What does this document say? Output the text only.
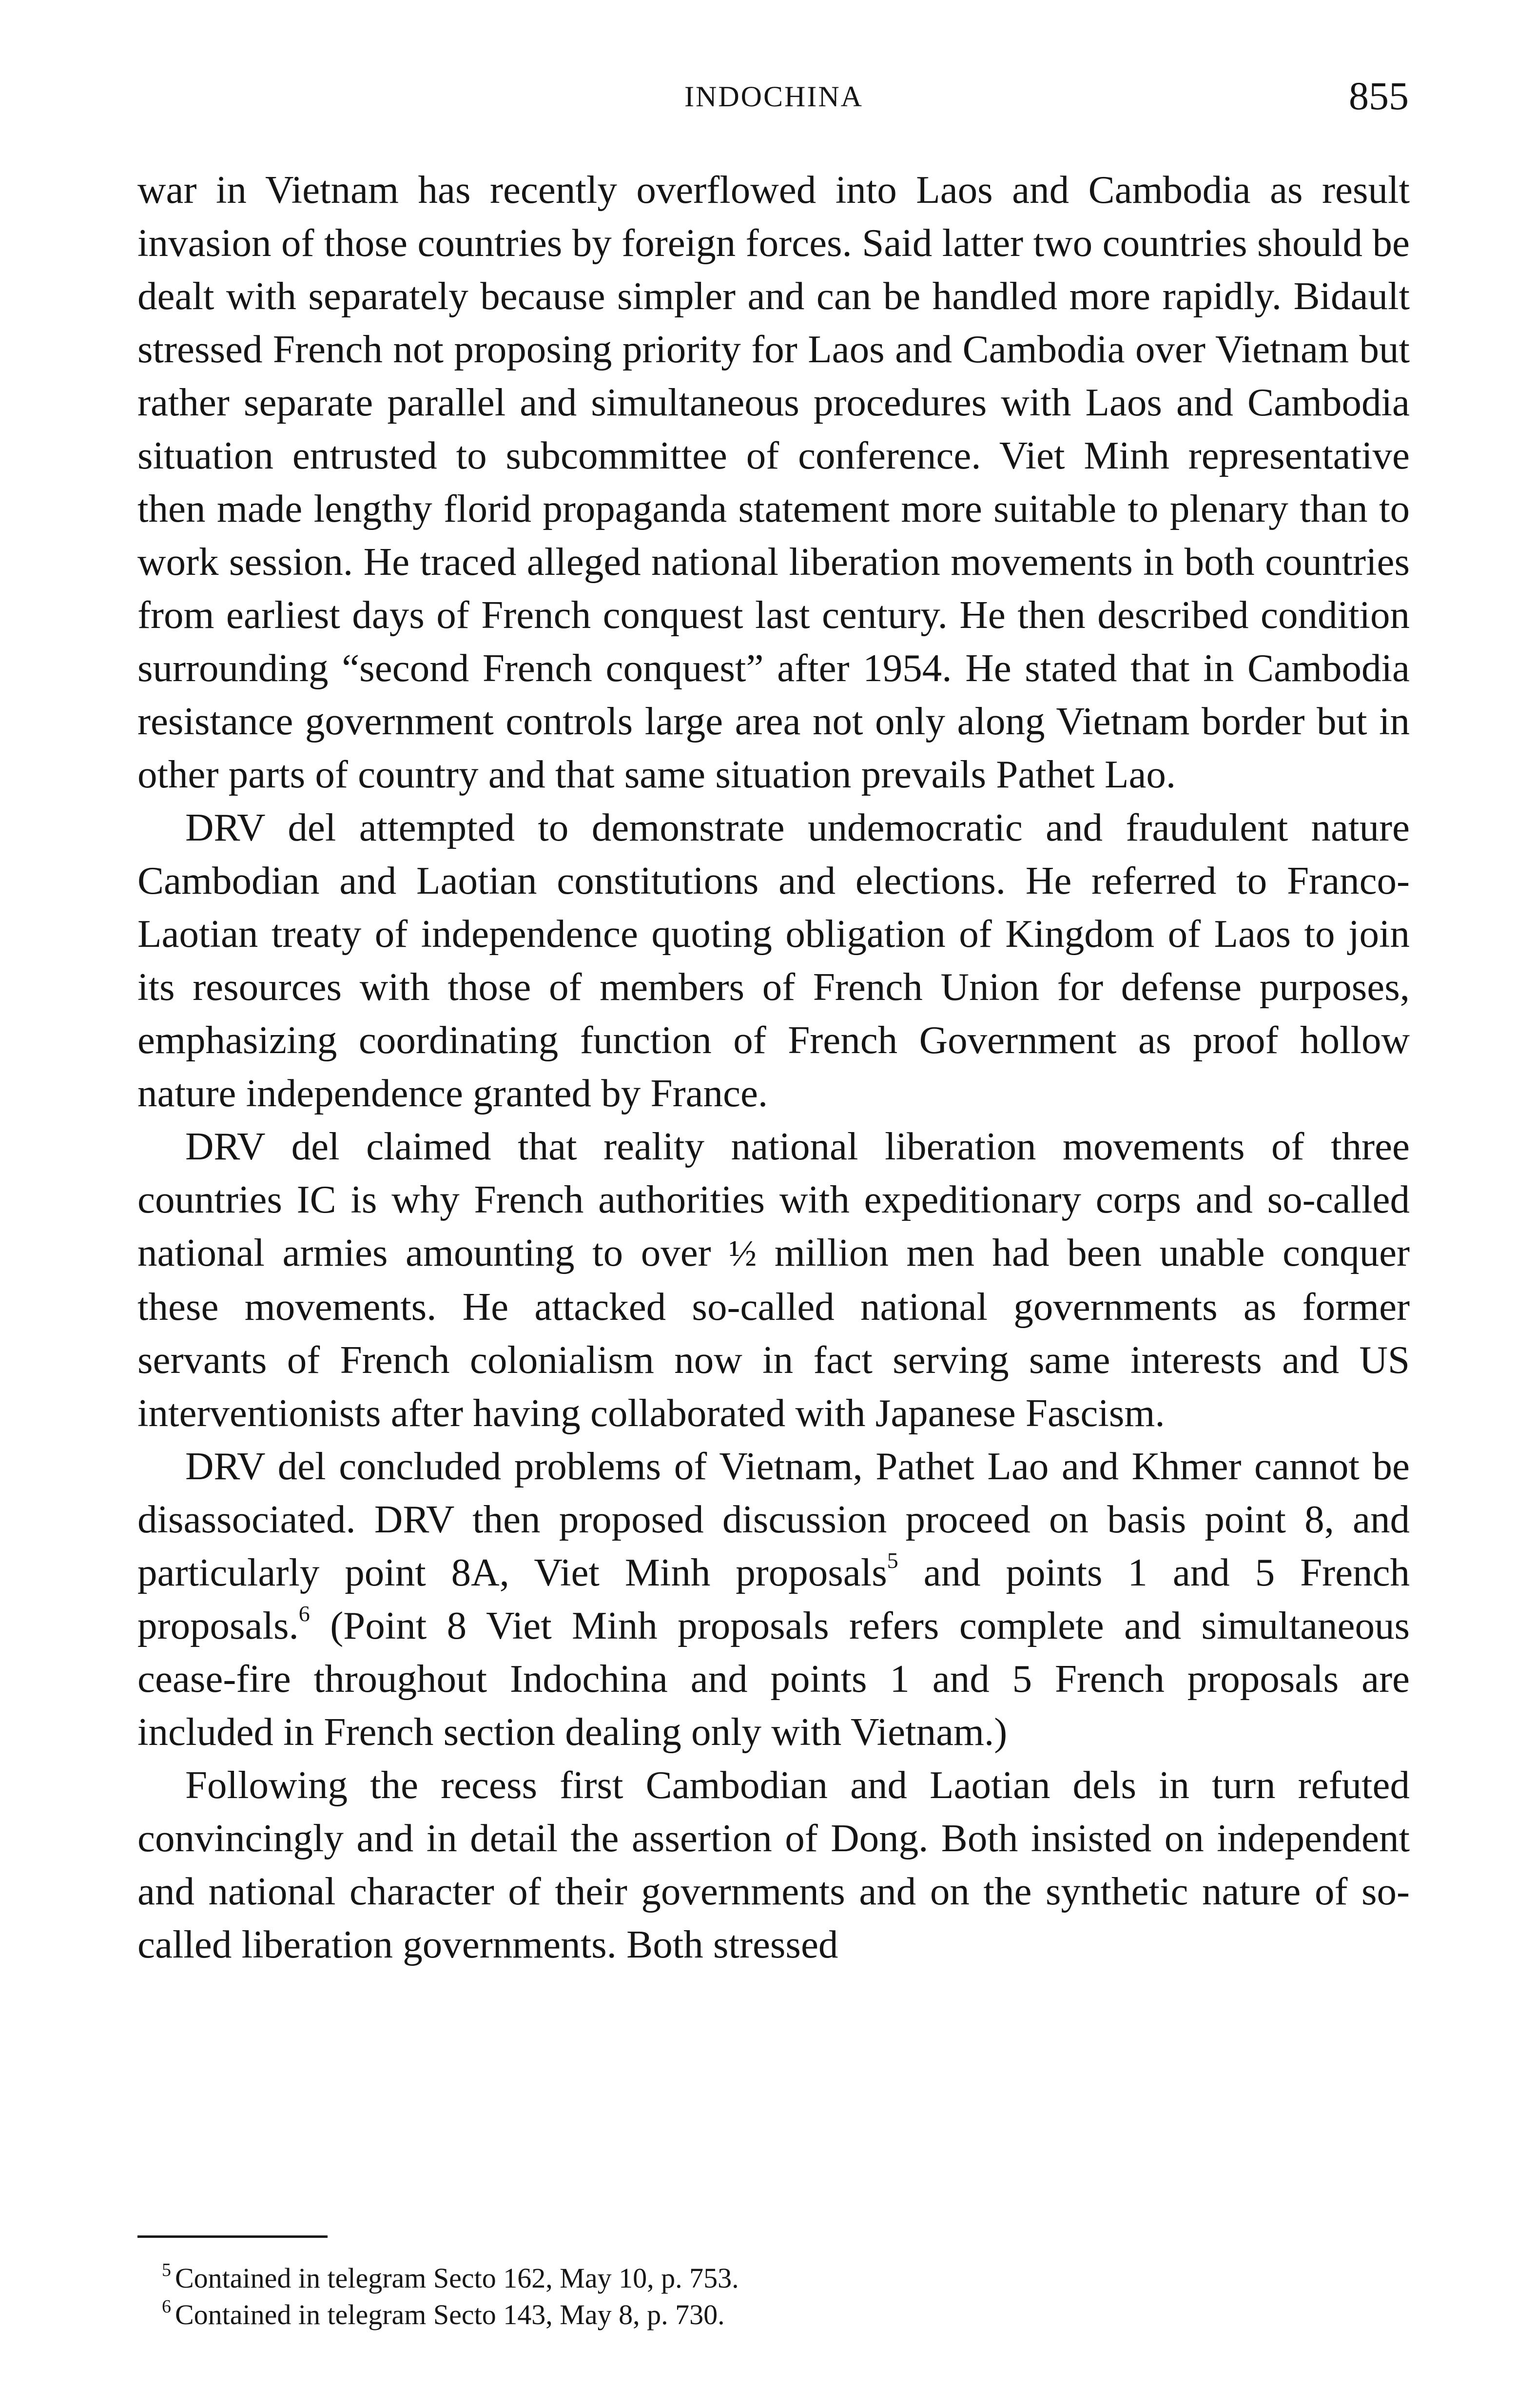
INDOCHINA	855

war in Vietnam has recently overflowed into Laos and Cambodia as result invasion of those countries by foreign forces. Said latter two countries should be dealt with separately because simpler and can be handled more rapidly. Bidault stressed French not proposing priority for Laos and Cambodia over Vietnam but rather separate parallel and simultaneous procedures with Laos and Cambodia situation entrusted to subcommittee of conference. Viet Minh representative then made lengthy florid propaganda statement more suitable to plenary than to work session. He traced alleged national liberation movements in both countries from earliest days of French conquest last century. He then described condition surrounding “second French conquest” after 1954. He stated that in Cambodia resistance government controls large area not only along Vietnam border but in other parts of country and that same situation prevails Pathet Lao.

DRV del attempted to demonstrate undemocratic and fraudulent nature Cambodian and Laotian constitutions and elections. He referred to Franco-Laotian treaty of independence quoting obligation of Kingdom of Laos to join its resources with those of members of French Union for defense purposes, emphasizing coordinating function of French Government as proof hollow nature independence granted by France.

DRV del claimed that reality national liberation movements of three countries IC is why French authorities with expeditionary corps and so-called national armies amounting to over ½ million men had been unable conquer these movements. He attacked so-called national governments as former servants of French colonialism now in fact serving same interests and US interventionists after having collaborated with Japanese Fascism.

DRV del concluded problems of Vietnam, Pathet Lao and Khmer cannot be disassociated. DRV then proposed discussion proceed on basis point 8, and particularly point 8A, Viet Minh proposals$^5$ and points 1 and 5 French proposals.$^6$ (Point 8 Viet Minh proposals refers complete and simultaneous cease-fire throughout Indochina and points 1 and 5 French proposals are included in French section dealing only with Vietnam.)

Following the recess first Cambodian and Laotian dels in turn refuted convincingly and in detail the assertion of Dong. Both insisted on independent and national character of their governments and on the synthetic nature of so-called liberation governments. Both stressed

$^5$ Contained in telegram Secto 162, May 10, p. 753.

$^6$ Contained in telegram Secto 143, May 8, p. 730.
